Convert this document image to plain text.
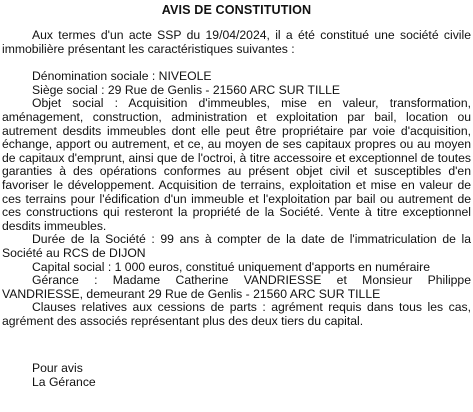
AVIS DE CONSTITUTION

Aux termes d'un acte SSP du 19/04/2024, il a été constitué une société civile immobilière présentant les caractéristiques suivantes :

Dénomination sociale : NIVEOLE

Siège social : 29 Rue de Genlis - 21560 ARC SUR TILLE

Objet social : Acquisition d'immeubles, mise en valeur, transformation, aménagement, construction, administration et exploitation par bail, location ou autrement desdits immeubles dont elle peut être propriétaire par voie d'acquisition, échange, apport ou autrement, et ce, au moyen de ses capitaux propres ou au moyen de capitaux d'emprunt, ainsi que de l'octroi, à titre accessoire et exceptionnel de toutes garanties à des opérations conformes au présent objet civil et susceptibles d'en favoriser le développement. Acquisition de terrains, exploitation et mise en valeur de ces terrains pour l'édification d'un immeuble et l'exploitation par bail ou autrement de ces constructions qui resteront la propriété de la Société. Vente à titre exceptionnel desdits immeubles.

Durée de la Société : 99 ans à compter de la date de l'immatriculation de la Société au RCS de DIJON

Capital social : 1 000 euros, constitué uniquement d'apports en numéraire

Gérance : Madame Catherine VANDRIESSE et Monsieur Philippe VANDRIESSE, demeurant 29 Rue de Genlis - 21560 ARC SUR TILLE

Clauses relatives aux cessions de parts : agrément requis dans tous les cas, agrément des associés représentant plus des deux tiers du capital.

Pour avis

La Gérance
